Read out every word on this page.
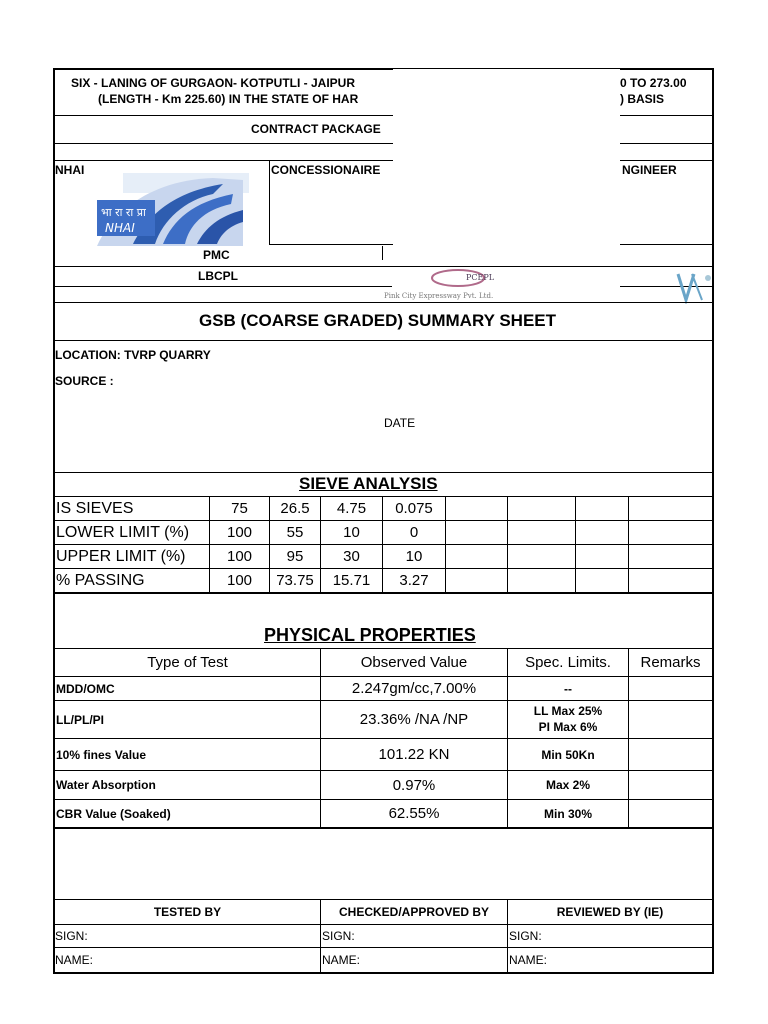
SIX - LANING OF GURGAON- KOTPUTLI - JAIPUR	0 TO 273.00
(LENGTH - Km 225.60) IN THE STATE OF HAR	) BASIS
CONTRACT PACKAGE
NHAI	CONCESSIONAIRE	NGINEER
भा रा रा प्रा
NHAI
PMC
LBCPL	PCEPL
Pink City Expressway Pvt. Ltd.
GSB (COARSE GRADED) SUMMARY SHEET
LOCATION: TVRP QUARRY
SOURCE :
DATE
SIEVE ANALYSIS
IS SIEVES	75	26.5	4.75	0.075
LOWER LIMIT (%)	100	55	10	0
UPPER LIMIT (%)	100	95	30	10
% PASSING	100	73.75	15.71	3.27
PHYSICAL PROPERTIES
Type of Test	Observed Value	Spec. Limits.	Remarks
MDD/OMC	2.247gm/cc,7.00%	--
LL/PL/PI	23.36% /NA /NP	LL Max 25%
PI Max 6%
10% fines Value	101.22 KN	Min 50Kn
Water Absorption	0.97%	Max 2%
CBR Value (Soaked)	62.55%	Min 30%
TESTED BY	CHECKED/APPROVED BY	REVIEWED BY (IE)
SIGN:	SIGN:	SIGN:
NAME:	NAME:	NAME:
